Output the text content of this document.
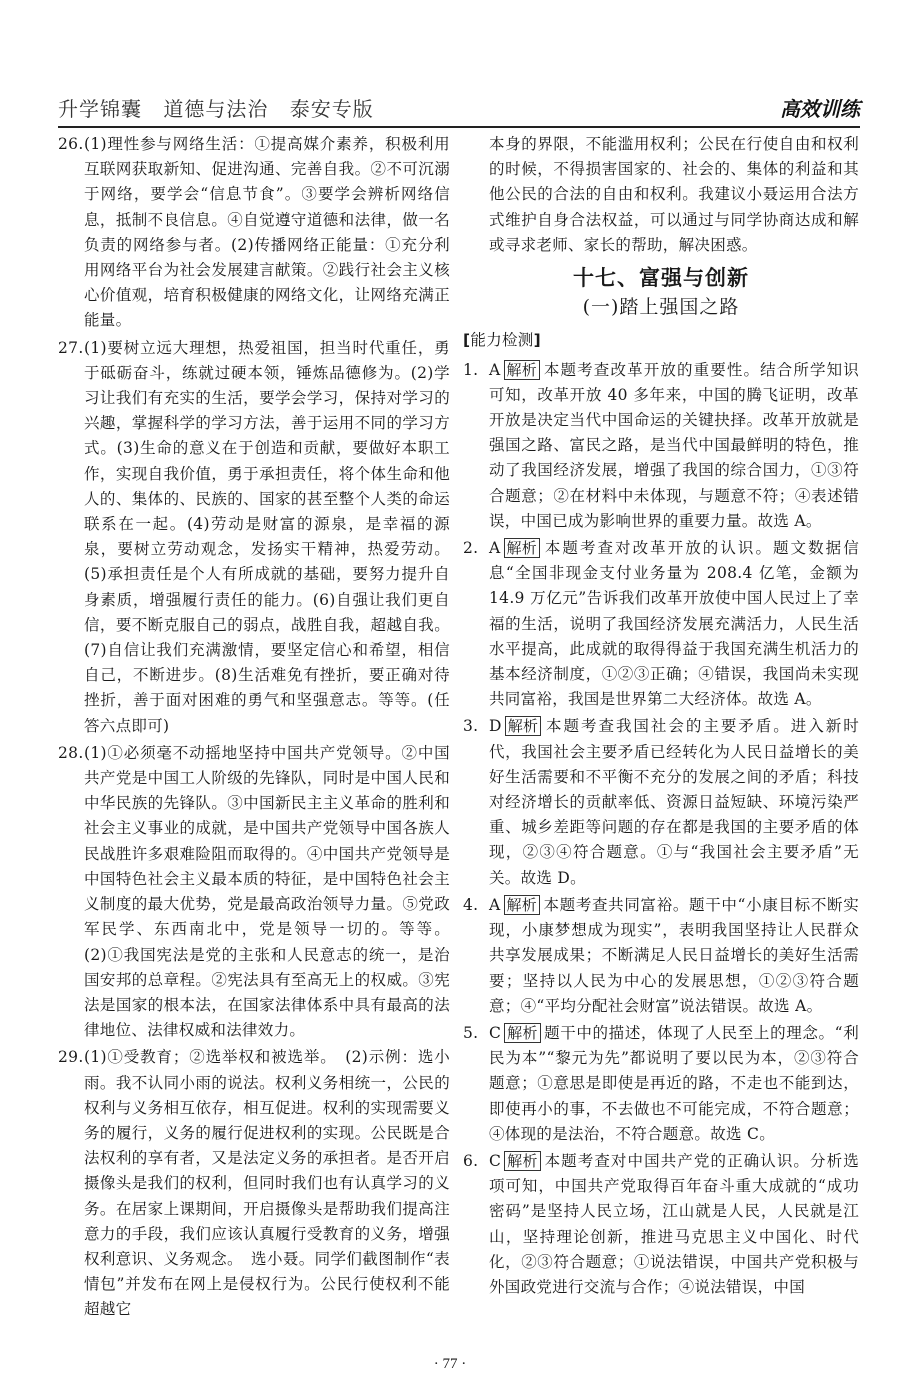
升学锦囊 道德与法治 泰安专版	高效训练
26. (1)理性参与网络生活：①提高媒介素养，积极利用互联网获取新知、促进沟通、完善自我。②不可沉溺于网络，要学会“信息节食”。③要学会辨析网络信息，抵制不良信息。④自觉遵守道德和法律，做一名负责的网络参与者。(2)传播网络正能量：①充分利用网络平台为社会发展建言献策。②践行社会主义核心价值观，培育积极健康的网络文化，让网络充满正能量。
27. (1)要树立远大理想，热爱祖国，担当时代重任，勇于砥砺奋斗，练就过硬本领，锤炼品德修为。(2)学习让我们有充实的生活，要学会学习，保持对学习的兴趣，掌握科学的学习方法，善于运用不同的学习方式。(3)生命的意义在于创造和贡献，要做好本职工作，实现自我价值，勇于承担责任，将个体生命和他人的、集体的、民族的、国家的甚至整个人类的命运联系在一起。(4)劳动是财富的源泉，是幸福的源泉，要树立劳动观念，发扬实干精神，热爱劳动。(5)承担责任是个人有所成就的基础，要努力提升自身素质，增强履行责任的能力。(6)自强让我们更自信，要不断克服自己的弱点，战胜自我，超越自我。(7)自信让我们充满激情，要坚定信心和希望，相信自己，不断进步。(8)生活难免有挫折，要正确对待挫折，善于面对困难的勇气和坚强意志。等等。(任答六点即可)
28. (1)①必须毫不动摇地坚持中国共产党领导。②中国共产党是中国工人阶级的先锋队，同时是中国人民和中华民族的先锋队。③中国新民主主义革命的胜利和社会主义事业的成就，是中国共产党领导中国各族人民战胜许多艰难险阻而取得的。④中国共产党领导是中国特色社会主义最本质的特征，是中国特色社会主义制度的最大优势，党是最高政治领导力量。⑤党政军民学、东西南北中，党是领导一切的。等等。(2)①我国宪法是党的主张和人民意志的统一，是治国安邦的总章程。②宪法具有至高无上的权威。③宪法是国家的根本法，在国家法律体系中具有最高的法律地位、法律权威和法律效力。
29. (1)①受教育；②选举权和被选举。　(2)示例：选小雨。我不认同小雨的说法。权利义务相统一，公民的权利与义务相互依存，相互促进。权利的实现需要义务的履行，义务的履行促进权利的实现。公民既是合法权利的享有者，又是法定义务的承担者。是否开启摄像头是我们的权利，但同时我们也有认真学习的义务。在居家上课期间，开启摄像头是帮助我们提高注意力的手段，我们应该认真履行受教育的义务，增强权利意识、义务观念。　选小聂。同学们截图制作“表情包”并发布在网上是侵权行为。公民行使权利不能超越它
本身的界限，不能滥用权利；公民在行使自由和权利的时候，不得损害国家的、社会的、集体的利益和其他公民的合法的自由和权利。我建议小聂运用合法方式维护自身合法权益，可以通过与同学协商达成和解或寻求老师、家长的帮助，解决困惑。
十七、富强与创新
(一)踏上强国之路
[能力检测]
1. A 解析 本题考查改革开放的重要性。结合所学知识可知，改革开放 40 多年来，中国的腾飞证明，改革开放是决定当代中国命运的关键抉择。改革开放就是强国之路、富民之路，是当代中国最鲜明的特色，推动了我国经济发展，增强了我国的综合国力，①③符合题意；②在材料中未体现，与题意不符；④表述错误，中国已成为影响世界的重要力量。故选 A。
2. A 解析 本题考查对改革开放的认识。题文数据信息“全国非现金支付业务量为 208.4 亿笔，金额为 14.9 万亿元”告诉我们改革开放使中国人民过上了幸福的生活，说明了我国经济发展充满活力，人民生活水平提高，此成就的取得得益于我国充满生机活力的基本经济制度，①②③正确；④错误，我国尚未实现共同富裕，我国是世界第二大经济体。故选 A。
3. D 解析 本题考查我国社会的主要矛盾。进入新时代，我国社会主要矛盾已经转化为人民日益增长的美好生活需要和不平衡不充分的发展之间的矛盾；科技对经济增长的贡献率低、资源日益短缺、环境污染严重、城乡差距等问题的存在都是我国的主要矛盾的体现，②③④符合题意。①与“我国社会主要矛盾”无关。故选 D。
4. A 解析 本题考查共同富裕。题干中“小康目标不断实现，小康梦想成为现实”，表明我国坚持让人民群众共享发展成果；不断满足人民日益增长的美好生活需要；坚持以人民为中心的发展思想，①②③符合题意；④“平均分配社会财富”说法错误。故选 A。
5. C 解析 题干中的描述，体现了人民至上的理念。“利民为本”“黎元为先”都说明了要以民为本，②③符合题意；①意思是即使是再近的路，不走也不能到达，即使再小的事，不去做也不可能完成，不符合题意；④体现的是法治，不符合题意。故选 C。
6. C 解析 本题考查对中国共产党的正确认识。分析选项可知，中国共产党取得百年奋斗重大成就的“成功密码”是坚持人民立场，江山就是人民，人民就是江山，坚持理论创新，推进马克思主义中国化、时代化，②③符合题意；①说法错误，中国共产党积极与外国政党进行交流与合作；④说法错误，中国
· 77 ·
